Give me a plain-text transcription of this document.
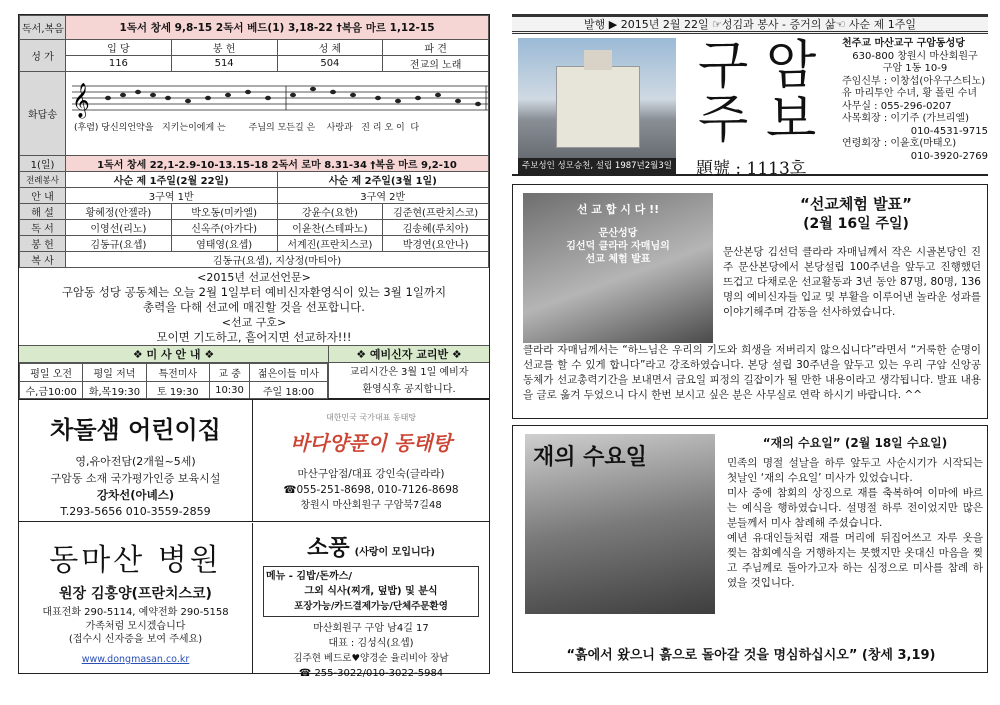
독서,복음	1독서 창세 9,8-15 2독서 베드(1) 3,18-22 †복음 마르 1,12-15			
성 가	입 당	봉 헌	성 체	파 견
	116	514	504	전교의 노래
화답송	𝄞
(후렴) 당신의언약을   지키는이에게 는        주님의 모든길 은    사랑과   진 리 오 이  다			

1(일)	1독서 창세 22,1-2.9-10-13.15-18 2독서 로마 8.31-34 †복음 마르 9,2-10			
전례봉사	사순 제 1주일(2월 22일)		사순 제 2주일(3월 1일)	
안 내	3구역 1반		3구역 2반	
해 설	황혜정(안젤라)	박오동(미카엘)	강윤수(요한)	김준현(프란치스코)
독 서	이영선(리노)	신옥주(아가다)	이윤찬(스테파노)	김송혜(루치아)
봉 헌	김동규(요셉)	염태영(요셉)	서계진(프란치스코)	박경연(요안나)
복 사	김동규(요셉), 지상정(마티아)			
<2015년 선교선언문>
구암동 성당 공동체는 오늘 2월 1일부터 예비신자환영식이 있는 3월 1일까지
총력을 다해 선교에 매진할 것을 선포합니다.
<선교 구호>
모이면 기도하고, 흩어지면 선교하자!!!
❖ 미 사 안 내 ❖
평일 오전	평일 저녁	특전미사	교 중	젊은이들 미사
수,금10:00	화,목19:30	토 19:30	10:30	주일 18:00
❖ 예비신자 교리반 ❖
교리시간은 3월 1일 예비자
환영식후 공지합니다.
차돌샘 어린이집
영,유아전담(2개월~5세)
구암동 소재 국가평가인증 보육시설
강차선(아녜스)
T.293-5656 010-3559-2859
대한민국 국가대표 동태탕
바다양푼이 동태탕
마산구암점/대표 강인숙(글라라)
☎055-251-8698, 010-7126-8698
창원시 마산회원구 구암북7길48
동마산 병원
원장 김홍양(프란치스코)
대표전화 290-5114, 예약전화 290-5158
가족처럼 모시겠습니다
(접수시 신자증을 보여 주세요)
www.dongmasan.co.kr
소풍 (사랑이 모입니다)
메뉴 - 김밥/돈까스/
그외 식사(찌개, 덮밥) 및 분식
포장가능/카드결제가능/단체주문환영
마산회원구 구암 남4길 17
대표 : 김성식(요셉)
김주현 베드로♥양경순 율리비아 장남
☎ 255-3022/010-3022-5984
발행 ▶ 2015년 2월 22일 ☞성김과 봉사 - 증거의 삶☜ 사순 제 1주일
주보성인 성모승천, 설립 1987년2월3일
구 암
주 보
題號 : 1113호
천주교 마산교구 구암동성당
630-800 창원시 마산회원구
구암 1동 10-9
주임신부 : 이창섭(아우구스티노)
유 마리투안 수녀, 황 폴린 수녀
사무실 : 055-296-0207
사목회장 : 이기주 (가브리엘)
010-4531-9715
연령회장 : 이윤호(마태오)
010-3920-2769
선 교 합 시 다 !!
문산성당
김선덕 클라라 자매님의
선교 체험 발표
“선교체험 발표”
(2월 16일 주일)
문산본당 김선덕 클라라 자매님께서 작은 시골본당인 진주 문산본당에서 본당설립 100주년을 앞두고 진행했던 뜨겁고 다채로운 선교활동과 3년 동안 87명, 80명, 136명의 예비신자들 입교 및 부활을 이루어낸 놀라운 성과를 이야기해주며 감동을 선사하였습니다.
클라라 자매님께서는 “하느님은 우리의 기도와 희생을 저버리지 않으십니다”라면서 “거룩한 순명이 선교를 할 수 있게 합니다”라고 강조하였습니다. 본당 설립 30주년을 앞두고 있는 우리 구암 신앙공동체가 선교총력기간을 보내면서 금요일 피정의 길잡이가 될 만한 내용이라고 생각됩니다. 발표 내용을 글로 옮겨 두었으니 다시 한번 보시고 싶은 분은 사무실로 연락 하시기 바랍니다. ^^
재의 수요일
“재의 수요일” (2월 18일 수요일)
민족의 명절 설날을 하루 앞두고 사순시기가 시작되는 첫날인 ‘재의 수요일’ 미사가 있었습니다.
미사 중에 참회의 상징으로 재를 축복하여 이마에 바르는 예식을 행하였습니다. 설명절 하루 전이었지만 많은 분들께서 미사 참례해 주셨습니다.
예년 유대인들처럼 재를 머리에 뒤집어쓰고 자루 옷을 찢는 참회예식을 거행하지는 못했지만 옷대신 마음을 찢고 주님께로 돌아가고자 하는 심정으로 미사를 참례 하였을 것입니다.
“흙에서 왔으니 흙으로 돌아갈 것을 명심하십시오” (창세 3,19)
